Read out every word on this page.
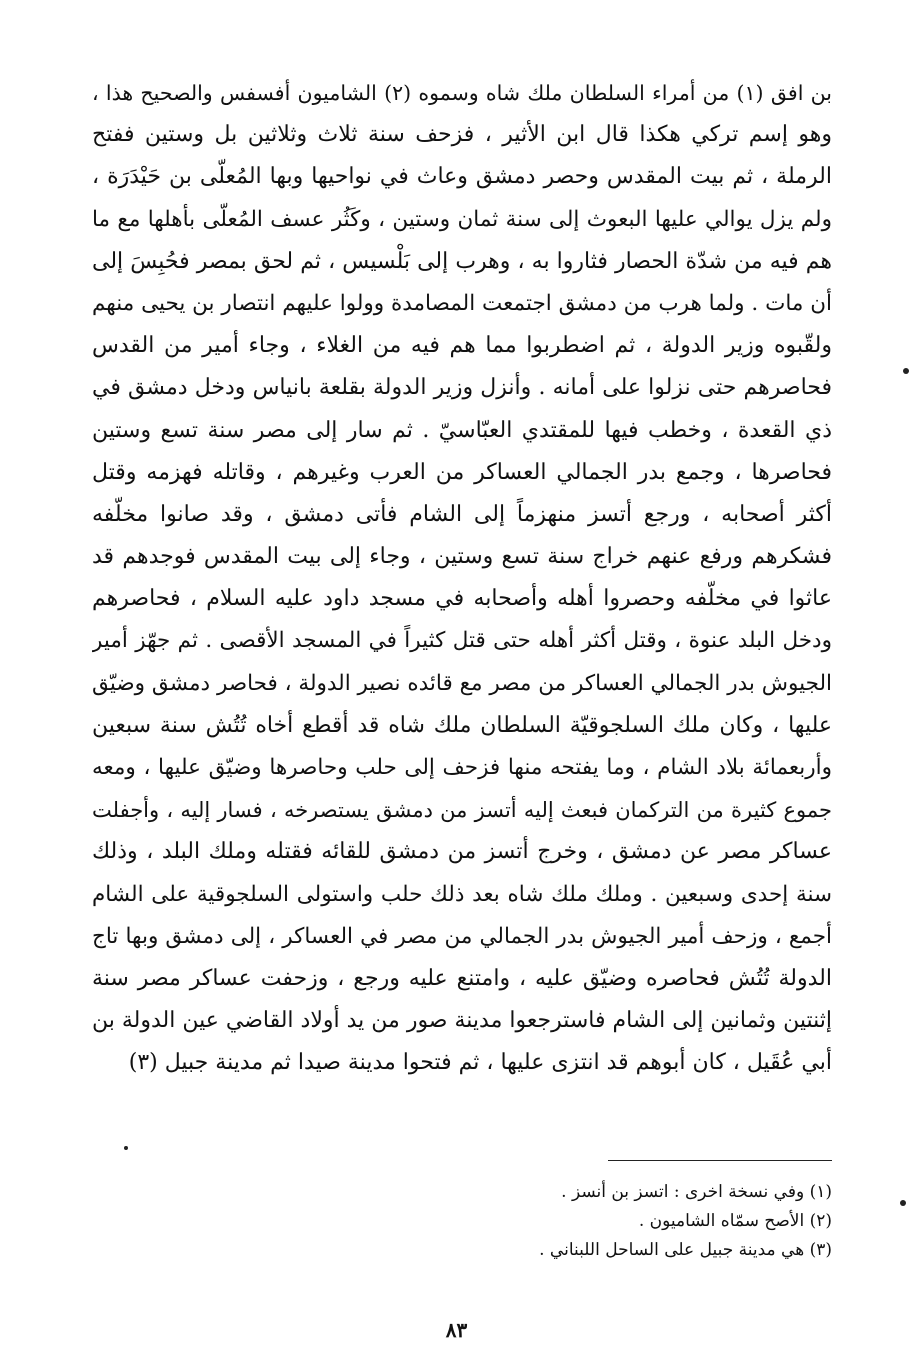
بن افق (١) من أمراء السلطان ملك شاه وسموه (٢) الشاميون أفسفس والصحيح هذا ،
وهو إسم تركي هكذا قال ابن الأثير ، فزحف سنة ثلاث وثلاثين بل وستين ففتح
الرملة ، ثم بيت المقدس وحصر دمشق وعاث في نواحيها وبها المُعلّى بن حَيْدَرَة ،
ولم يزل يوالي عليها البعوث إلى سنة ثمان وستين ، وكَثُر عسف المُعلّى بأهلها مع ما
هم فيه من شدّة الحصار فثاروا به ، وهرب إلى بَلْسيس ، ثم لحق بمصر فحُبِسَ إلى
أن مات . ولما هرب من دمشق اجتمعت المصامدة وولوا عليهم انتصار بن يحيى منهم
ولقّبوه وزير الدولة ، ثم اضطربوا مما هم فيه من الغلاء ، وجاء أمير من القدس
فحاصرهم حتى نزلوا على أمانه . وأنزل وزير الدولة بقلعة بانياس ودخل دمشق في
ذي القعدة ، وخطب فيها للمقتدي العبّاسيّ . ثم سار إلى مصر سنة تسع وستين
فحاصرها ، وجمع بدر الجمالي العساكر من العرب وغيرهم ، وقاتله فهزمه وقتل
أكثر أصحابه ، ورجع أتسز منهزماً إلى الشام فأتى دمشق ، وقد صانوا مخلّفه
فشكرهم ورفع عنهم خراج سنة تسع وستين ، وجاء إلى بيت المقدس فوجدهم قد
عاثوا في مخلّفه وحصروا أهله وأصحابه في مسجد داود عليه السلام ، فحاصرهم
ودخل البلد عنوة ، وقتل أكثر أهله حتى قتل كثيراً في المسجد الأقصى . ثم جهّز أمير
الجيوش بدر الجمالي العساكر من مصر مع قائده نصير الدولة ، فحاصر دمشق وضيّق
عليها ، وكان ملك السلجوقيّة السلطان ملك شاه قد أقطع أخاه تُتُش سنة سبعين
وأربعمائة بلاد الشام ، وما يفتحه منها فزحف إلى حلب وحاصرها وضيّق عليها ، ومعه
جموع كثيرة من التركمان فبعث إليه أتسز من دمشق يستصرخه ، فسار إليه ، وأجفلت
عساكر مصر عن دمشق ، وخرج أتسز من دمشق للقائه فقتله وملك البلد ، وذلك
سنة إحدى وسبعين . وملك ملك شاه بعد ذلك حلب واستولى السلجوقية على الشام
أجمع ، وزحف أمير الجيوش بدر الجمالي من مصر في العساكر ، إلى دمشق وبها تاج
الدولة تُتُش فحاصره وضيّق عليه ، وامتنع عليه ورجع ، وزحفت عساكر مصر سنة
إثنتين وثمانين إلى الشام فاسترجعوا مدينة صور من يد أولاد القاضي عين الدولة بن
أبي عُقَيل ، كان أبوهم قد انتزى عليها ، ثم فتحوا مدينة صيدا ثم مدينة جبيل (٣)
(١) وفي نسخة اخرى : اتسز بن أنسز .
(٢) الأصح سمّاه الشاميون .
(٣) هي مدينة جبيل على الساحل اللبناني .
٨٣
